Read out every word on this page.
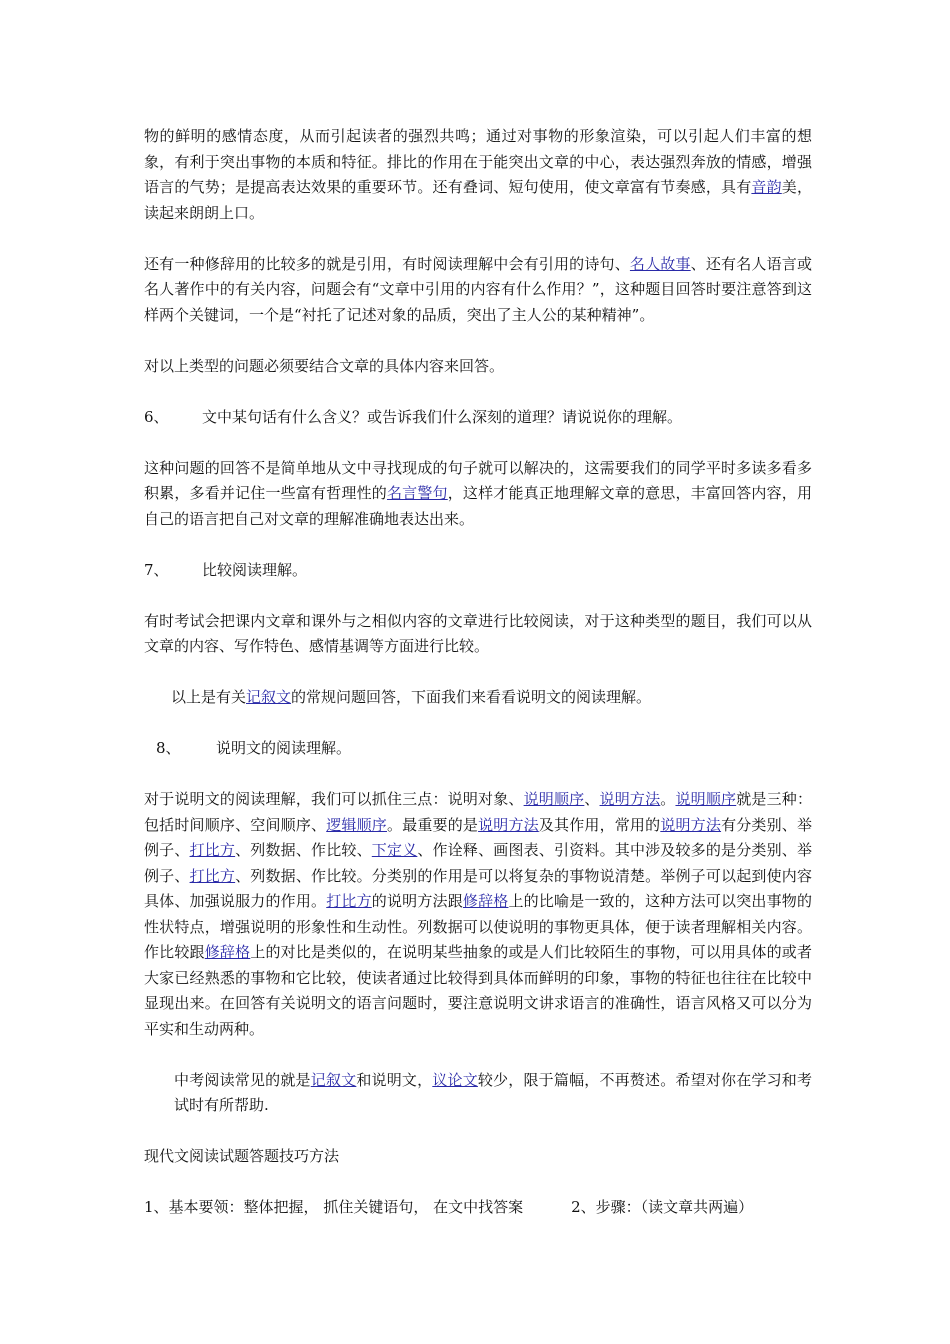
物的鲜明的感情态度，从而引起读者的强烈共鸣；通过对事物的形象渲染，可以引起人们丰富的想象，有利于突出事物的本质和特征。排比的作用在于能突出文章的中心，表达强烈奔放的情感，增强语言的气势；是提高表达效果的重要环节。还有叠词、短句使用，使文章富有节奏感，具有音韵美，读起来朗朗上口。

还有一种修辞用的比较多的就是引用，有时阅读理解中会有引用的诗句、名人故事、还有名人语言或名人著作中的有关内容，问题会有“文章中引用的内容有什么作用？”，这种题目回答时要注意答到这样两个关键词，一个是“衬托了记述对象的品质，突出了主人公的某种精神”。

对以上类型的问题必须要结合文章的具体内容来回答。

6、	文中某句话有什么含义？或告诉我们什么深刻的道理？请说说你的理解。

这种问题的回答不是简单地从文中寻找现成的句子就可以解决的，这需要我们的同学平时多读多看多积累，多看并记住一些富有哲理性的名言警句，这样才能真正地理解文章的意思，丰富回答内容，用自己的语言把自己对文章的理解准确地表达出来。

7、	比较阅读理解。

有时考试会把课内文章和课外与之相似内容的文章进行比较阅读，对于这种类型的题目，我们可以从文章的内容、写作特色、感情基调等方面进行比较。

以上是有关记叙文的常规问题回答，下面我们来看看说明文的阅读理解。

8、	说明文的阅读理解。

对于说明文的阅读理解，我们可以抓住三点：说明对象、说明顺序、说明方法。说明顺序就是三种：包括时间顺序、空间顺序、逻辑顺序。最重要的是说明方法及其作用，常用的说明方法有分类别、举例子、打比方、列数据、作比较、下定义、作诠释、画图表、引资料。其中涉及较多的是分类别、举例子、打比方、列数据、作比较。分类别的作用是可以将复杂的事物说清楚。举例子可以起到使内容具体、加强说服力的作用。打比方的说明方法跟修辞格上的比喻是一致的，这种方法可以突出事物的性状特点，增强说明的形象性和生动性。列数据可以使说明的事物更具体，便于读者理解相关内容。作比较跟修辞格上的对比是类似的，在说明某些抽象的或是人们比较陌生的事物，可以用具体的或者大家已经熟悉的事物和它比较，使读者通过比较得到具体而鲜明的印象，事物的特征也往往在比较中显现出来。在回答有关说明文的语言问题时，要注意说明文讲求语言的准确性，语言风格又可以分为平实和生动两种。

中考阅读常见的就是记叙文和说明文，议论文较少，限于篇幅，不再赘述。希望对你在学习和考试时有所帮助.

现代文阅读试题答题技巧方法

1、基本要领：整体把握， 抓住关键语句， 在文中找答案	2、步骤：（读文章共两遍）
